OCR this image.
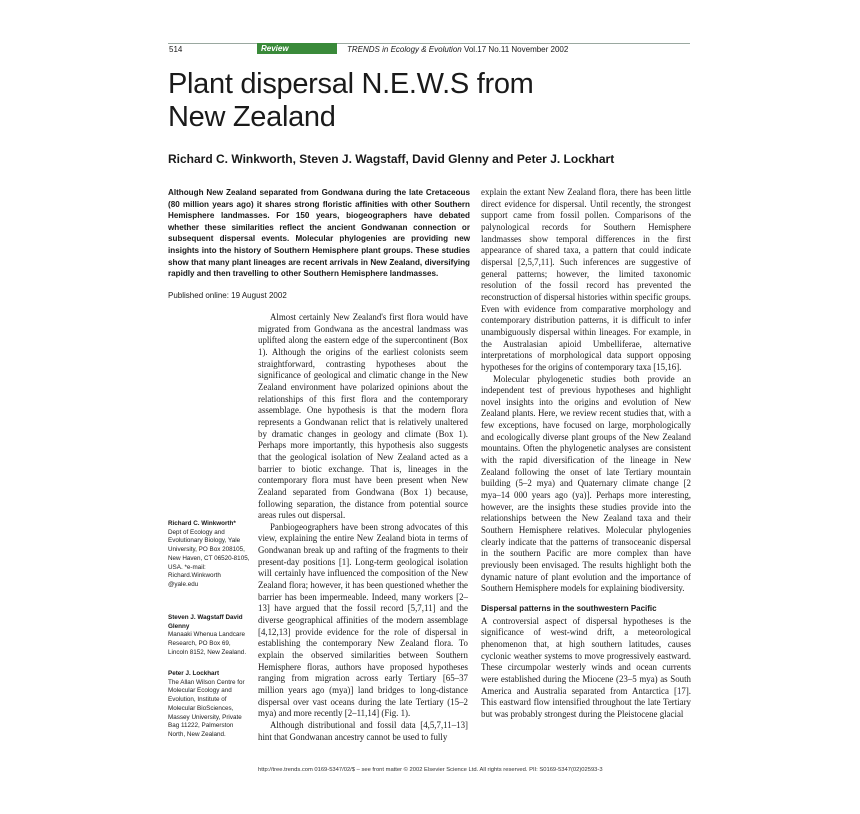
514	Review	TRENDS in Ecology & Evolution Vol.17 No.11 November 2002
Plant dispersal N.E.W.S from
New Zealand
Richard C. Winkworth, Steven J. Wagstaff, David Glenny and Peter J. Lockhart

Although New Zealand separated from Gondwana during the late Cretaceous (80 million years ago) it shares strong floristic affinities with other Southern Hemisphere landmasses. For 150 years, biogeographers have debated whether these similarities reflect the ancient Gondwanan connection or subsequent dispersal events. Molecular phylogenies are providing new insights into the history of Southern Hemisphere plant groups. These studies show that many plant lineages are recent arrivals in New Zealand, diversifying rapidly and then travelling to other Southern Hemisphere landmasses.

Published online: 19 August 2002

Almost certainly New Zealand's first flora would have migrated from Gondwana as the ancestral landmass was uplifted along the eastern edge of the supercontinent (Box 1). Although the origins of the earliest colonists seem straightforward, contrasting hypotheses about the significance of geological and climatic change in the New Zealand environment have polarized opinions about the relationships of this first flora and the contemporary assemblage. One hypothesis is that the modern flora represents a Gondwanan relict that is relatively unaltered by dramatic changes in geology and climate (Box 1). Perhaps more importantly, this hypothesis also suggests that the geological isolation of New Zealand acted as a barrier to biotic exchange. That is, lineages in the contemporary flora must have been present when New Zealand separated from Gondwana (Box 1) because, following separation, the distance from potential source areas rules out dispersal.

Panbiogeographers have been strong advocates of this view, explaining the entire New Zealand biota in terms of Gondwanan break up and rafting of the fragments to their present-day positions [1]. Long-term geological isolation will certainly have influenced the composition of the New Zealand flora; however, it has been questioned whether the barrier has been impermeable. Indeed, many workers [2–13] have argued that the fossil record [5,7,11] and the diverse geographical affinities of the modern assemblage [4,12,13] provide evidence for the role of dispersal in establishing the contemporary New Zealand flora. To explain the observed similarities between Southern Hemisphere floras, authors have proposed hypotheses ranging from migration across early Tertiary [65–37 million years ago (mya)] land bridges to long-distance dispersal over vast oceans during the late Tertiary (15–2 mya) and more recently [2–11,14] (Fig. 1).

Although distributional and fossil data [4,5,7,11–13] hint that Gondwanan ancestry cannot be used to fully

explain the extant New Zealand flora, there has been little direct evidence for dispersal. Until recently, the strongest support came from fossil pollen. Comparisons of the palynological records for Southern Hemisphere landmasses show temporal differences in the first appearance of shared taxa, a pattern that could indicate dispersal [2,5,7,11]. Such inferences are suggestive of general patterns; however, the limited taxonomic resolution of the fossil record has prevented the reconstruction of dispersal histories within specific groups. Even with evidence from comparative morphology and contemporary distribution patterns, it is difficult to infer unambiguously dispersal within lineages. For example, in the Australasian apioid Umbelliferae, alternative interpretations of morphological data support opposing hypotheses for the origins of contemporary taxa [15,16].

Molecular phylogenetic studies both provide an independent test of previous hypotheses and highlight novel insights into the origins and evolution of New Zealand plants. Here, we review recent studies that, with a few exceptions, have focused on large, morphologically and ecologically diverse plant groups of the New Zealand mountains. Often the phylogenetic analyses are consistent with the rapid diversification of the lineage in New Zealand following the onset of late Tertiary mountain building (5–2 mya) and Quaternary climate change [2 mya–14 000 years ago (ya)]. Perhaps more interesting, however, are the insights these studies provide into the relationships between the New Zealand taxa and their Southern Hemisphere relatives. Molecular phylogenies clearly indicate that the patterns of transoceanic dispersal in the southern Pacific are more complex than have previously been envisaged. The results highlight both the dynamic nature of plant evolution and the importance of Southern Hemisphere models for explaining biodiversity.

Dispersal patterns in the southwestern Pacific

A controversial aspect of dispersal hypotheses is the significance of west-wind drift, a meteorological phenomenon that, at high southern latitudes, causes cyclonic weather systems to move progressively eastward. These circumpolar westerly winds and ocean currents were established during the Miocene (23–5 mya) as South America and Australia separated from Antarctica [17]. This eastward flow intensified throughout the late Tertiary but was probably strongest during the Pleistocene glacial

Richard C. Winkworth*
Dept of Ecology and Evolutionary Biology, Yale University, PO Box 208105, New Haven, CT 06520-8105, USA. *e-mail: Richard.Winkworth @yale.edu
Steven J. Wagstaff David Glenny
Manaaki Whenua Landcare Research, PO Box 69, Lincoln 8152, New Zealand.
Peter J. Lockhart
The Allan Wilson Centre for Molecular Ecology and Evolution, Institute of Molecular BioSciences, Massey University, Private Bag 11222, Palmerston North, New Zealand.
http://tree.trends.com 0169-5347/02/$ – see front matter © 2002 Elsevier Science Ltd. All rights reserved. PII: S0169-5347(02)02593-3
